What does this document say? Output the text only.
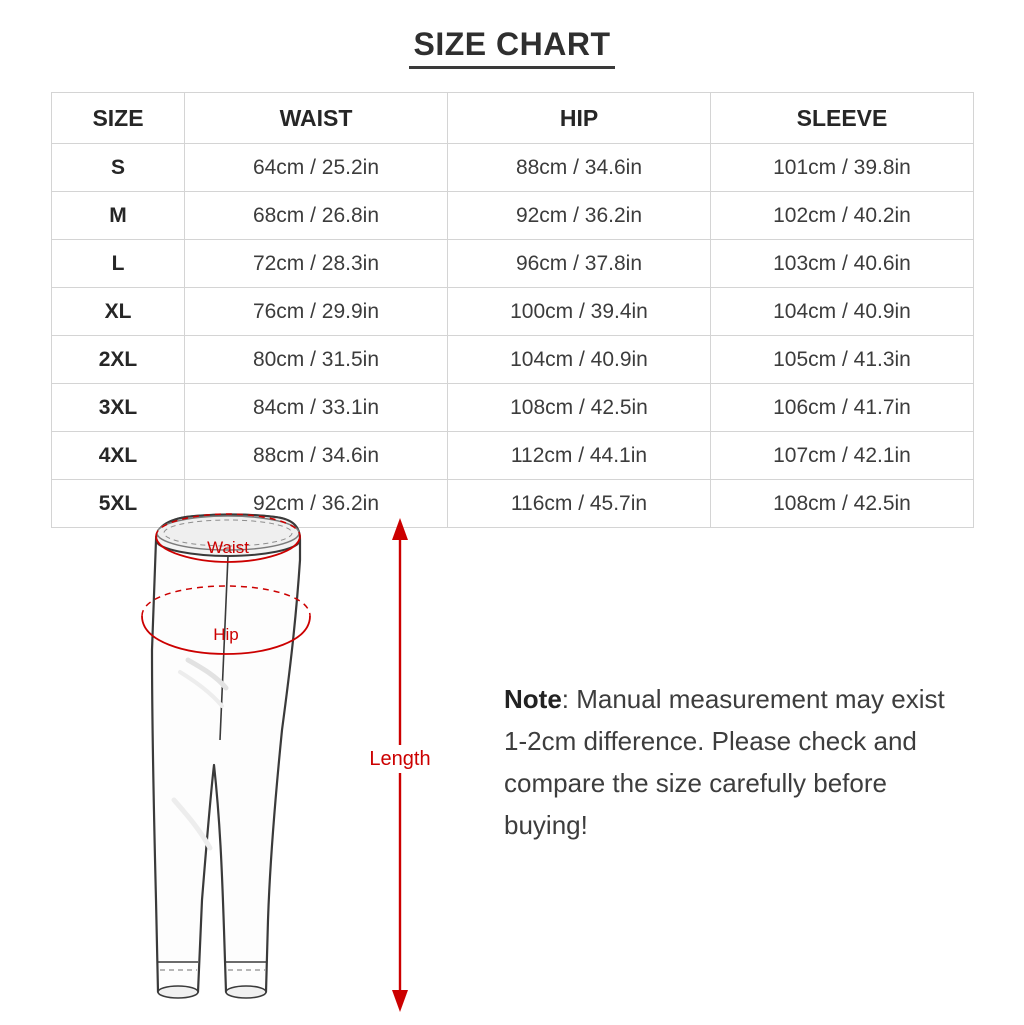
SIZE CHART
SIZE	WAIST	HIP	SLEEVE
S	64cm / 25.2in	88cm / 34.6in	101cm / 39.8in
M	68cm / 26.8in	92cm / 36.2in	102cm / 40.2in
L	72cm / 28.3in	96cm / 37.8in	103cm / 40.6in
XL	76cm / 29.9in	100cm / 39.4in	104cm / 40.9in
2XL	80cm / 31.5in	104cm / 40.9in	105cm / 41.3in
3XL	84cm / 33.1in	108cm / 42.5in	106cm / 41.7in
4XL	88cm / 34.6in	112cm / 44.1in	107cm / 42.1in
5XL	92cm / 36.2in	116cm / 45.7in	108cm / 42.5in
Waist
Hip
Length
Note: Manual measurement may exist 1-2cm difference. Please check and compare the size carefully before buying!
